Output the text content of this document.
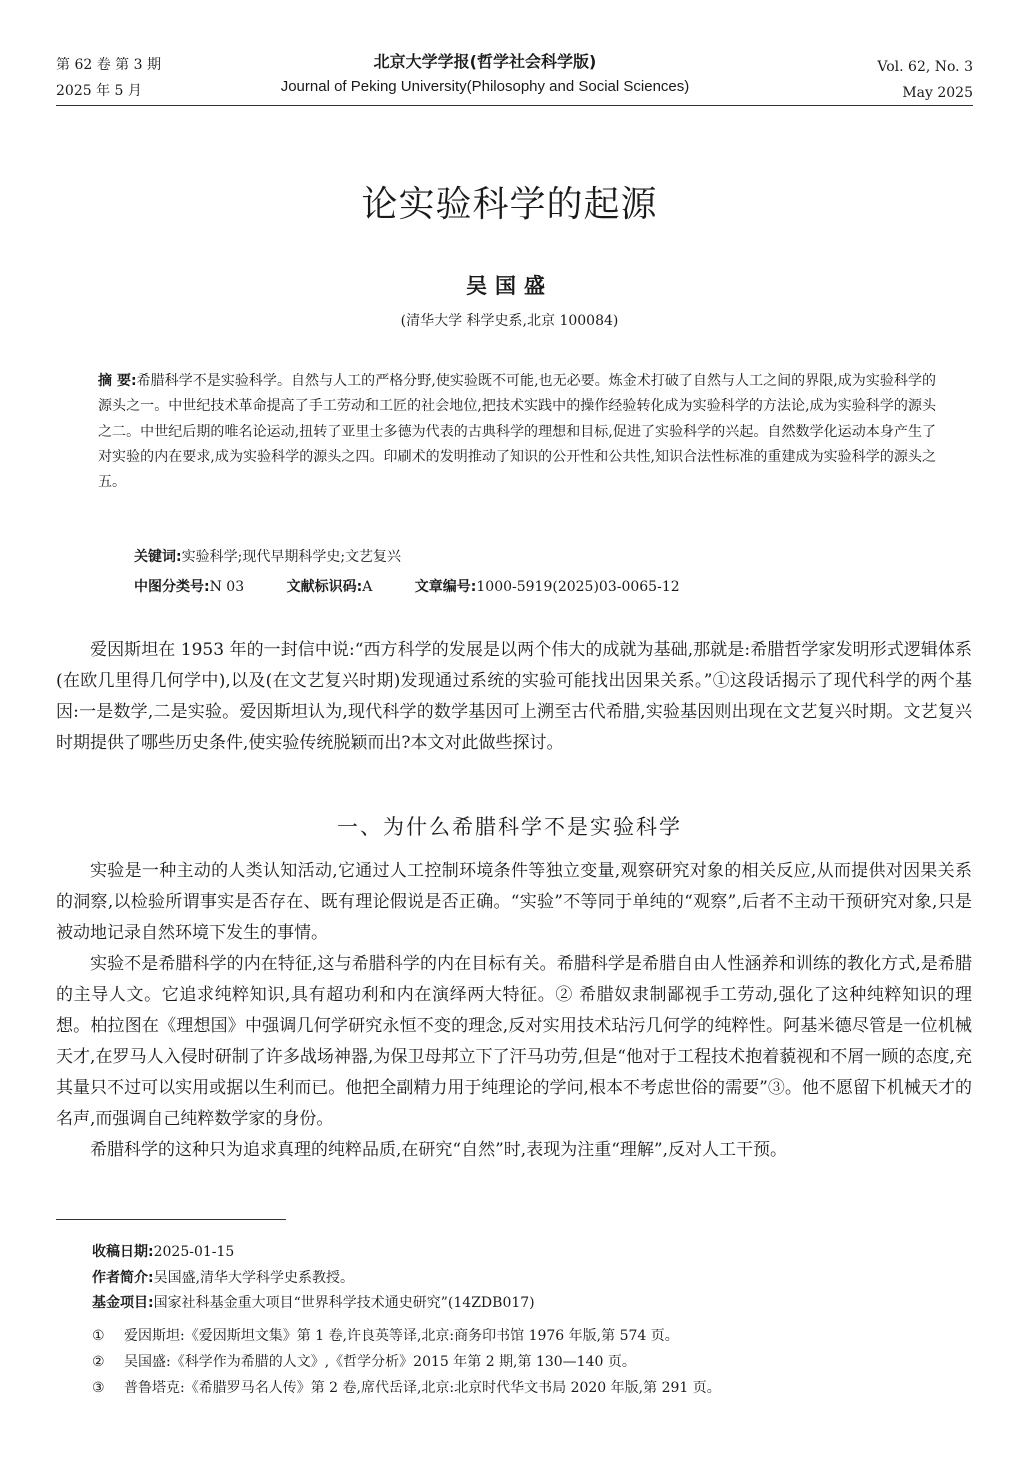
第 62 卷 第 3 期
2025 年 5 月
北京大学学报(哲学社会科学版)
Journal of Peking University(Philosophy and Social Sciences)
Vol. 62, No. 3
May 2025
论实验科学的起源
吴国盛
(清华大学 科学史系,北京 100084)
摘 要:希腊科学不是实验科学。自然与人工的严格分野,使实验既不可能,也无必要。炼金术打破了自然与人工之间的界限,成为实验科学的源头之一。中世纪技术革命提高了手工劳动和工匠的社会地位,把技术实践中的操作经验转化成为实验科学的方法论,成为实验科学的源头之二。中世纪后期的唯名论运动,扭转了亚里士多德为代表的古典科学的理想和目标,促进了实验科学的兴起。自然数学化运动本身产生了对实验的内在要求,成为实验科学的源头之四。印刷术的发明推动了知识的公开性和公共性,知识合法性标准的重建成为实验科学的源头之五。
关键词:实验科学;现代早期科学史;文艺复兴
中图分类号:N 03	文献标识码:A	文章编号:1000-5919(2025)03-0065-12

爱因斯坦在 1953 年的一封信中说:“西方科学的发展是以两个伟大的成就为基础,那就是:希腊哲学家发明形式逻辑体系(在欧几里得几何学中),以及(在文艺复兴时期)发现通过系统的实验可能找出因果关系。”①这段话揭示了现代科学的两个基因:一是数学,二是实验。爱因斯坦认为,现代科学的数学基因可上溯至古代希腊,实验基因则出现在文艺复兴时期。文艺复兴时期提供了哪些历史条件,使实验传统脱颖而出?本文对此做些探讨。

一、为什么希腊科学不是实验科学

实验是一种主动的人类认知活动,它通过人工控制环境条件等独立变量,观察研究对象的相关反应,从而提供对因果关系的洞察,以检验所谓事实是否存在、既有理论假说是否正确。“实验”不等同于单纯的“观察”,后者不主动干预研究对象,只是被动地记录自然环境下发生的事情。

实验不是希腊科学的内在特征,这与希腊科学的内在目标有关。希腊科学是希腊自由人性涵养和训练的教化方式,是希腊的主导人文。它追求纯粹知识,具有超功利和内在演绎两大特征。② 希腊奴隶制鄙视手工劳动,强化了这种纯粹知识的理想。柏拉图在《理想国》中强调几何学研究永恒不变的理念,反对实用技术玷污几何学的纯粹性。阿基米德尽管是一位机械天才,在罗马人入侵时研制了许多战场神器,为保卫母邦立下了汗马功劳,但是“他对于工程技术抱着藐视和不屑一顾的态度,充其量只不过可以实用或据以生利而已。他把全副精力用于纯理论的学问,根本不考虑世俗的需要”③。他不愿留下机械天才的名声,而强调自己纯粹数学家的身份。

希腊科学的这种只为追求真理的纯粹品质,在研究“自然”时,表现为注重“理解”,反对人工干预。

收稿日期:2025-01-15
作者简介:吴国盛,清华大学科学史系教授。
基金项目:国家社科基金重大项目“世界科学技术通史研究”(14ZDB017)
① 爱因斯坦:《爱因斯坦文集》第 1 卷,许良英等译,北京:商务印书馆 1976 年版,第 574 页。
② 吴国盛:《科学作为希腊的人文》,《哲学分析》2015 年第 2 期,第 130—140 页。
③ 普鲁塔克:《希腊罗马名人传》第 2 卷,席代岳译,北京:北京时代华文书局 2020 年版,第 291 页。
